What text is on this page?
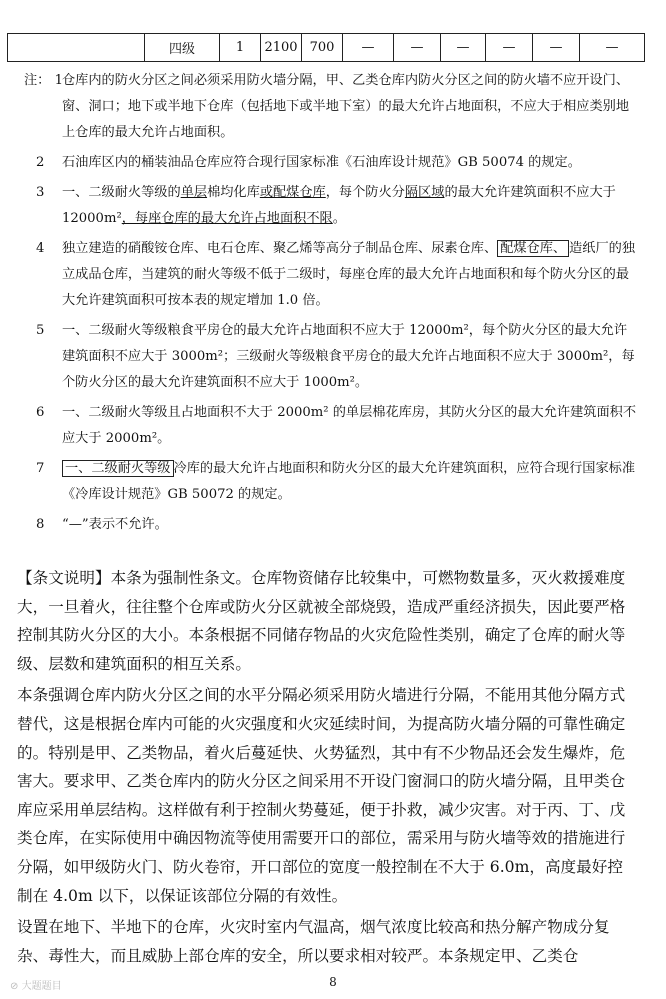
	四级	1	2100	700	—	—	—	—	—	—
注： 1 仓库内的防火分区之间必须采用防火墙分隔，甲、乙类仓库内防火分区之间的防火墙不应开设门、窗、洞口；地下或半地下仓库（包括地下或半地下室）的最大允许占地面积，不应大于相应类别地上仓库的最大允许占地面积。
2 石油库区内的桶装油品仓库应符合现行国家标准《石油库设计规范》GB 50074 的规定。
3 一、二级耐火等级的单层棉均化库或配煤仓库，每个防火分隔区域的最大允许建筑面积不应大于 12000m²，每座仓库的最大允许占地面积不限。
4 独立建造的硝酸铵仓库、电石仓库、聚乙烯等高分子制品仓库、尿素仓库、 配煤仓库、 造纸厂的独立成品仓库，当建筑的耐火等级不低于二级时，每座仓库的最大允许占地面积和每个防火分区的最大允许建筑面积可按本表的规定增加 1.0 倍。
5 一、二级耐火等级粮食平房仓的最大允许占地面积不应大于 12000m²，每个防火分区的最大允许建筑面积不应大于 3000m²；三级耐火等级粮食平房仓的最大允许占地面积不应大于 3000m²，每个防火分区的最大允许建筑面积不应大于 1000m²。
6 一、二级耐火等级且占地面积不大于 2000m² 的单层棉花库房，其防火分区的最大允许建筑面积不应大于 2000m²。
7 一、二级耐火等级 冷库的最大允许占地面积和防火分区的最大允许建筑面积，应符合现行国家标准《冷库设计规范》GB 50072 的规定。
8 “—”表示不允许。

【条文说明】本条为强制性条文。仓库物资储存比较集中，可燃物数量多，灭火救援难度大，一旦着火，往往整个仓库或防火分区就被全部烧毁，造成严重经济损失，因此要严格控制其防火分区的大小。本条根据不同储存物品的火灾危险性类别，确定了仓库的耐火等级、层数和建筑面积的相互关系。

本条强调仓库内防火分区之间的水平分隔必须采用防火墙进行分隔，不能用其他分隔方式替代，这是根据仓库内可能的火灾强度和火灾延续时间，为提高防火墙分隔的可靠性确定的。特别是甲、乙类物品，着火后蔓延快、火势猛烈，其中有不少物品还会发生爆炸，危害大。要求甲、乙类仓库内的防火分区之间采用不开设门窗洞口的防火墙分隔，且甲类仓库应采用单层结构。这样做有利于控制火势蔓延，便于扑救，减少灾害。对于丙、丁、戊类仓库，在实际使用中确因物流等使用需要开口的部位，需采用与防火墙等效的措施进行分隔，如甲级防火门、防火卷帘，开口部位的宽度一般控制在不大于 6.0m，高度最好控制在 4.0m 以下，以保证该部位分隔的有效性。

设置在地下、半地下的仓库，火灾时室内气温高，烟气浓度比较高和热分解产物成分复杂、毒性大，而且威胁上部仓库的安全，所以要求相对较严。本条规定甲、乙类仓

⊘ 大题题目	8
